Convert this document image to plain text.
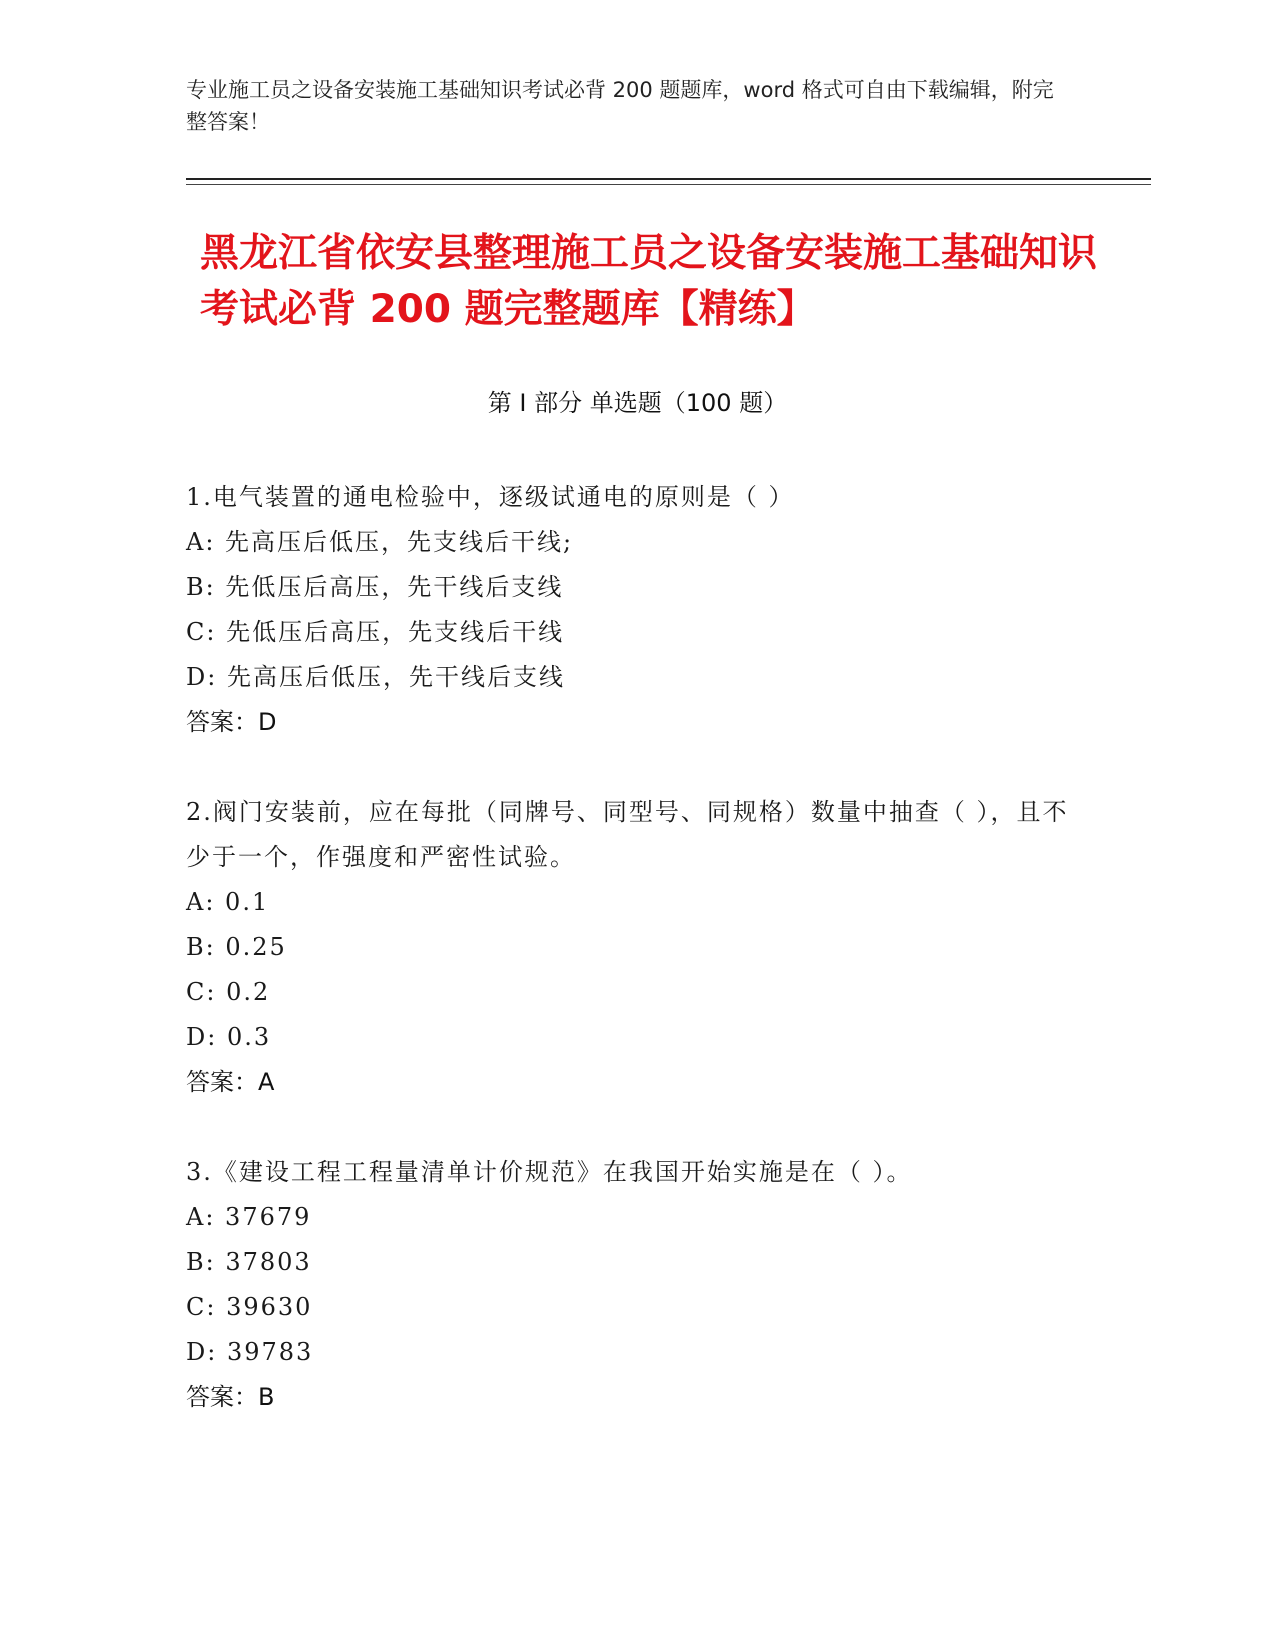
专业施工员之设备安装施工基础知识考试必背 200 题题库，word 格式可自由下载编辑，附完整答案！
黑龙江省依安县整理施工员之设备安装施工基础知识考试必背 200 题完整题库【精练】
第 I 部分 单选题（100 题）
1.电气装置的通电检验中，逐级试通电的原则是（ ）
A: 先高压后低压，先支线后干线;
B: 先低压后高压，先干线后支线
C: 先低压后高压，先支线后干线
D: 先高压后低压，先干线后支线
答案：D
2.阀门安装前，应在每批（同牌号、同型号、同规格）数量中抽查（ ），且不少于一个，作强度和严密性试验。
A: 0.1
B: 0.25
C: 0.2
D: 0.3
答案：A
3.《建设工程工程量清单计价规范》在我国开始实施是在（ ）。
A: 37679
B: 37803
C: 39630
D: 39783
答案：B
